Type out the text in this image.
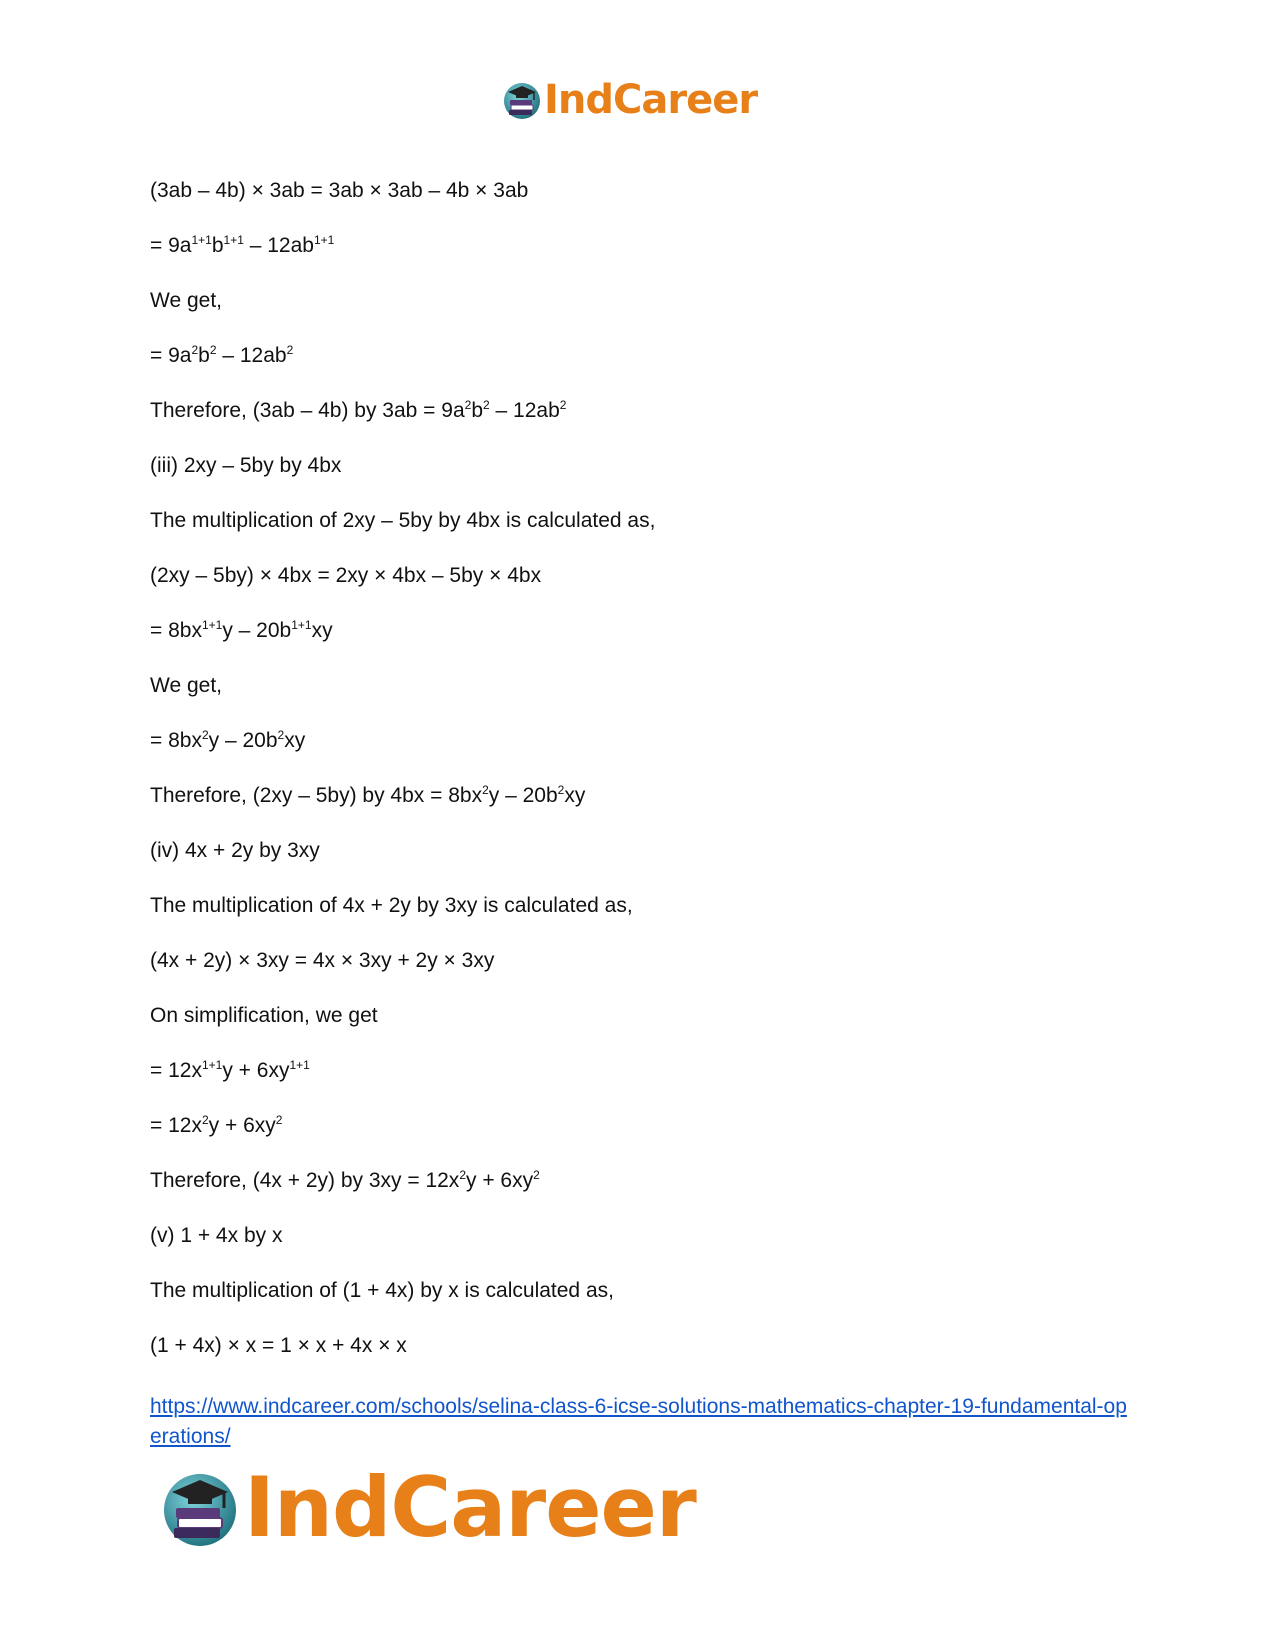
IndCareer
(3ab – 4b) × 3ab = 3ab × 3ab – 4b × 3ab
= $9a^{1+1}b^{1+1} - 12ab^{1+1}$
We get,
= $9a^2b^2 - 12ab^2$
Therefore, (3ab – 4b) by $3ab = 9a^2b^2 - 12ab^2$
(iii) 2xy – 5by by 4bx
The multiplication of 2xy – 5by by 4bx is calculated as,
(2xy – 5by) × 4bx = 2xy × 4bx – 5by × 4bx
= $8bx^{1+1}y - 20b^{1+1}xy$
We get,
= $8bx^2y - 20b^2xy$
Therefore, (2xy – 5by) by $4bx = 8bx^2y - 20b^2xy$
(iv) 4x + 2y by 3xy
The multiplication of 4x + 2y by 3xy is calculated as,
(4x + 2y) × 3xy = 4x × 3xy + 2y × 3xy
On simplification, we get
= $12x^{1+1}y + 6xy^{1+1}$
= $12x^2y + 6xy^2$
Therefore, (4x + 2y) by $3xy = 12x^2y + 6xy^2$
(v) 1 + 4x by x
The multiplication of (1 + 4x) by x is calculated as,
(1 + 4x) × x = 1 × x + 4x × x
https://www.indcareer.com/schools/selina-class-6-icse-solutions-mathematics-chapter-19-fundamental-operations/
IndCareer
